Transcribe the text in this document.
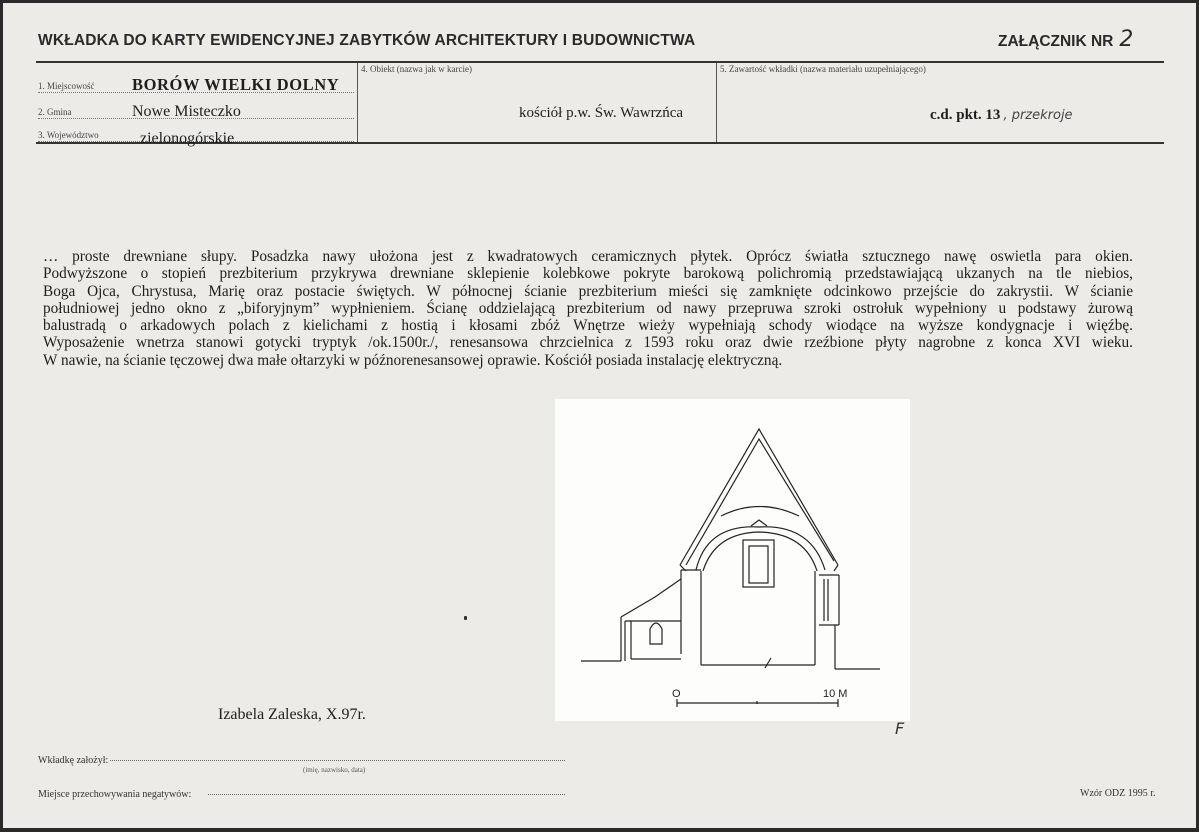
WKŁADKA DO KARTY EWIDENCYJNEJ ZABYTKÓW ARCHITEKTURY I BUDOWNICTWA	ZAŁĄCZNIK NR 2
1. Miejscowość BORÓW WIELKI DOLNY
2. Gmina	Nowe Misteczko
3. Województwo	zielonogórskie
4. Obiekt (nazwa jak w karcie)
kościół p.w. Św. Wawrzńca
5. Zawartość wkładki (nazwa materiału uzupełniającego)
c.d. pkt. 13 , przekroje

… proste drewniane słupy. Posadzka nawy ułożona jest z kwadratowych ceramicznych płytek. Oprócz światła sztucznego nawę oswietla para okien.

Podwyższone o stopień prezbiterium przykrywa drewniane sklepienie kolebkowe pokryte barokową polichromią przedstawiającą ukzanych na tle niebios,

Boga Ojca, Chrystusa, Marię oraz postacie świętych. W północnej ścianie prezbiterium mieści się zamknięte odcinkowo przejście do zakrystii. W ścianie

południowej jedno okno z „biforyjnym” wypłnieniem. Ścianę oddzielającą prezbiterium od nawy przepruwa szroki ostrołuk wypełniony u podstawy żurową

balustradą o arkadowych polach z kielichami z hostią i kłosami zbóż Wnętrze wieży wypełniają schody wiodące na wyższe kondygnacje i więźbę.

Wyposażenie wnetrza stanowi gotycki tryptyk /ok.1500r./, renesansowa chrzcielnica z 1593 roku oraz dwie rzeźbione płyty nagrobne z konca XVI wieku.

W nawie, na ścianie tęczowej dwa małe ołtarzyki w późnorenesansowej oprawie. Kościół posiada instalację elektryczną.

O	10 M
Izabela Zaleska, X.97r.
F
Wkładkę założył:
(imię, nazwisko, data)
Miejsce przechowywania negatywów:	Wzór ODZ 1995 r.
